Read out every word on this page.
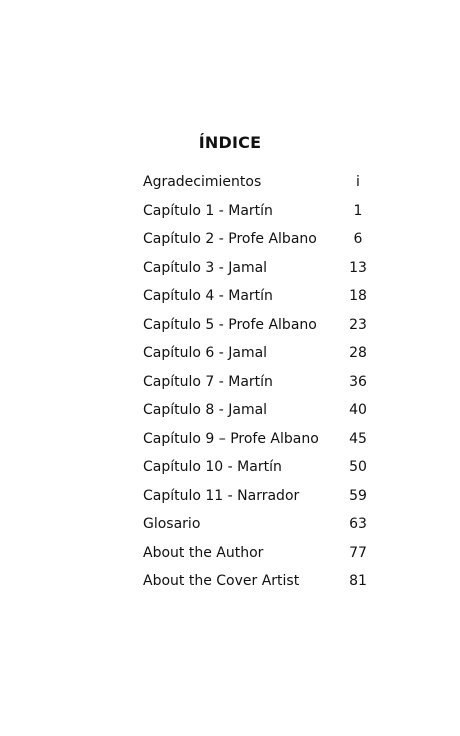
ÍNDICE
Agradecimientos	i
Capítulo 1 - Martín	1
Capítulo 2 - Profe Albano	6
Capítulo 3 - Jamal	13
Capítulo 4 - Martín	18
Capítulo 5 - Profe Albano 23
Capítulo 6 - Jamal	28
Capítulo 7 - Martín	36
Capítulo 8 - Jamal	40
Capítulo 9 – Profe Albano 45
Capítulo 10 - Martín	50
Capítulo 11 - Narrador	59
Glosario	63
About the Author	77
About the Cover Artist	81
